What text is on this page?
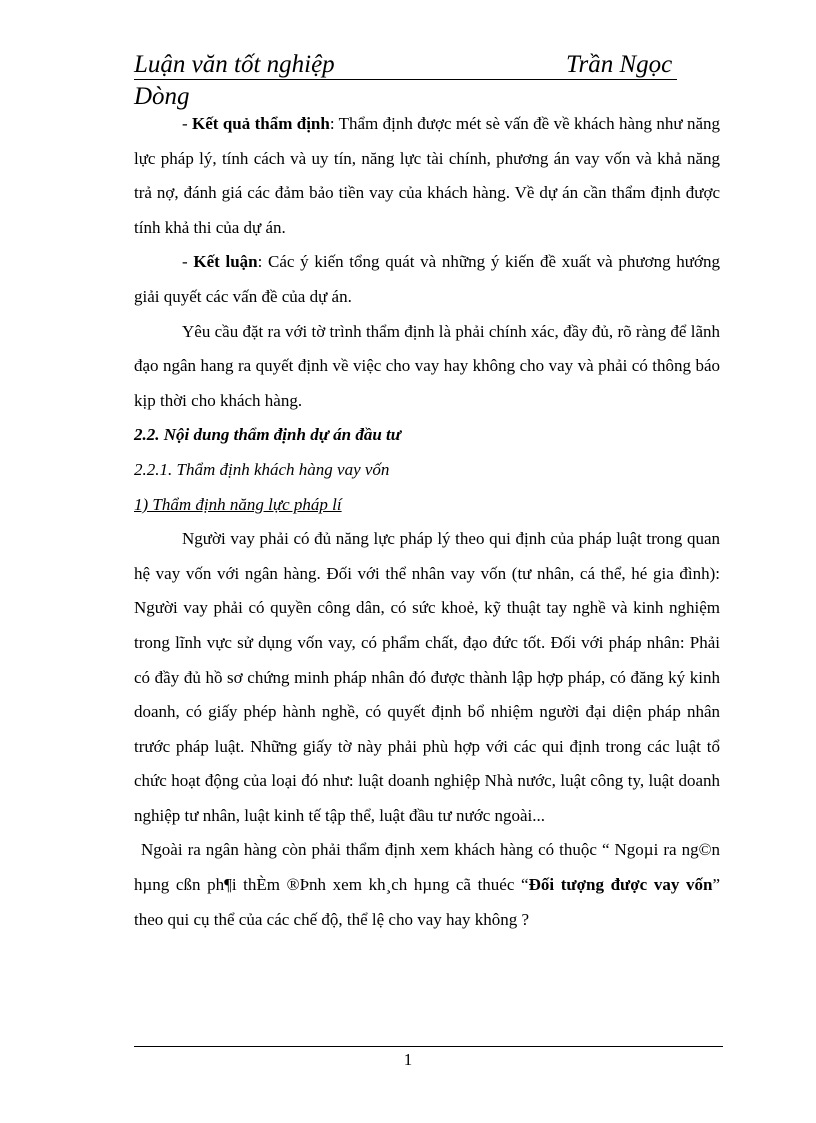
Luận văn tốt nghiệp	Trần Ngọc
Dòng

- Kết quả thẩm định: Thẩm định được mét sè vấn đề về khách hàng như năng lực pháp lý, tính cách và uy tín, năng lực tài chính, phương án vay vốn và khả năng trả nợ, đánh giá các đảm bảo tiền vay của khách hàng. Về dự án cần thẩm định được tính khả thi của dự án.

- Kết luận: Các ý kiến tổng quát và những ý kiến đề xuất và phương hướng giải quyết các vấn đề của dự án.

Yêu cầu đặt ra với tờ trình thẩm định là phải chính xác, đầy đủ, rõ ràng để lãnh đạo ngân hang ra quyết định về việc cho vay hay không cho vay và phải có thông báo kịp thời cho khách hàng.

2.2. Nội dung thẩm định dự án đầu tư

2.2.1. Thẩm định khách hàng vay vốn

1) Thẩm định năng lực pháp lí

Người vay phải có đủ năng lực pháp lý theo qui định của pháp luật trong quan hệ vay vốn với ngân hàng. Đối với thể nhân vay vốn (tư nhân, cá thể, hé gia đình): Người vay phải có quyền công dân, có sức khoẻ, kỹ thuật tay nghề và kinh nghiệm trong lĩnh vực sử dụng vốn vay, có phẩm chất, đạo đức tốt. Đối với pháp nhân: Phải có đầy đủ hồ sơ chứng minh pháp nhân đó được thành lập hợp pháp, có đăng ký kinh doanh, có giấy phép hành nghề, có quyết định bổ nhiệm người đại diện pháp nhân trước pháp luật. Những giấy tờ này phải phù hợp với các qui định trong các luật tổ chức hoạt động của loại đó như: luật doanh nghiệp Nhà nước, luật công ty, luật doanh nghiệp tư nhân, luật kinh tế tập thể, luật đầu tư nước ngoài...

Ngoài ra ngân hàng còn phải thẩm định xem khách hàng có thuộc “ Ngoµi ra ng©n hµng cßn ph¶i thÈm ®Þnh xem kh¸ch hµng cã thuéc “Đối tượng được vay vốn” theo qui cụ thể của các chế độ, thể lệ cho vay hay không ?

1
